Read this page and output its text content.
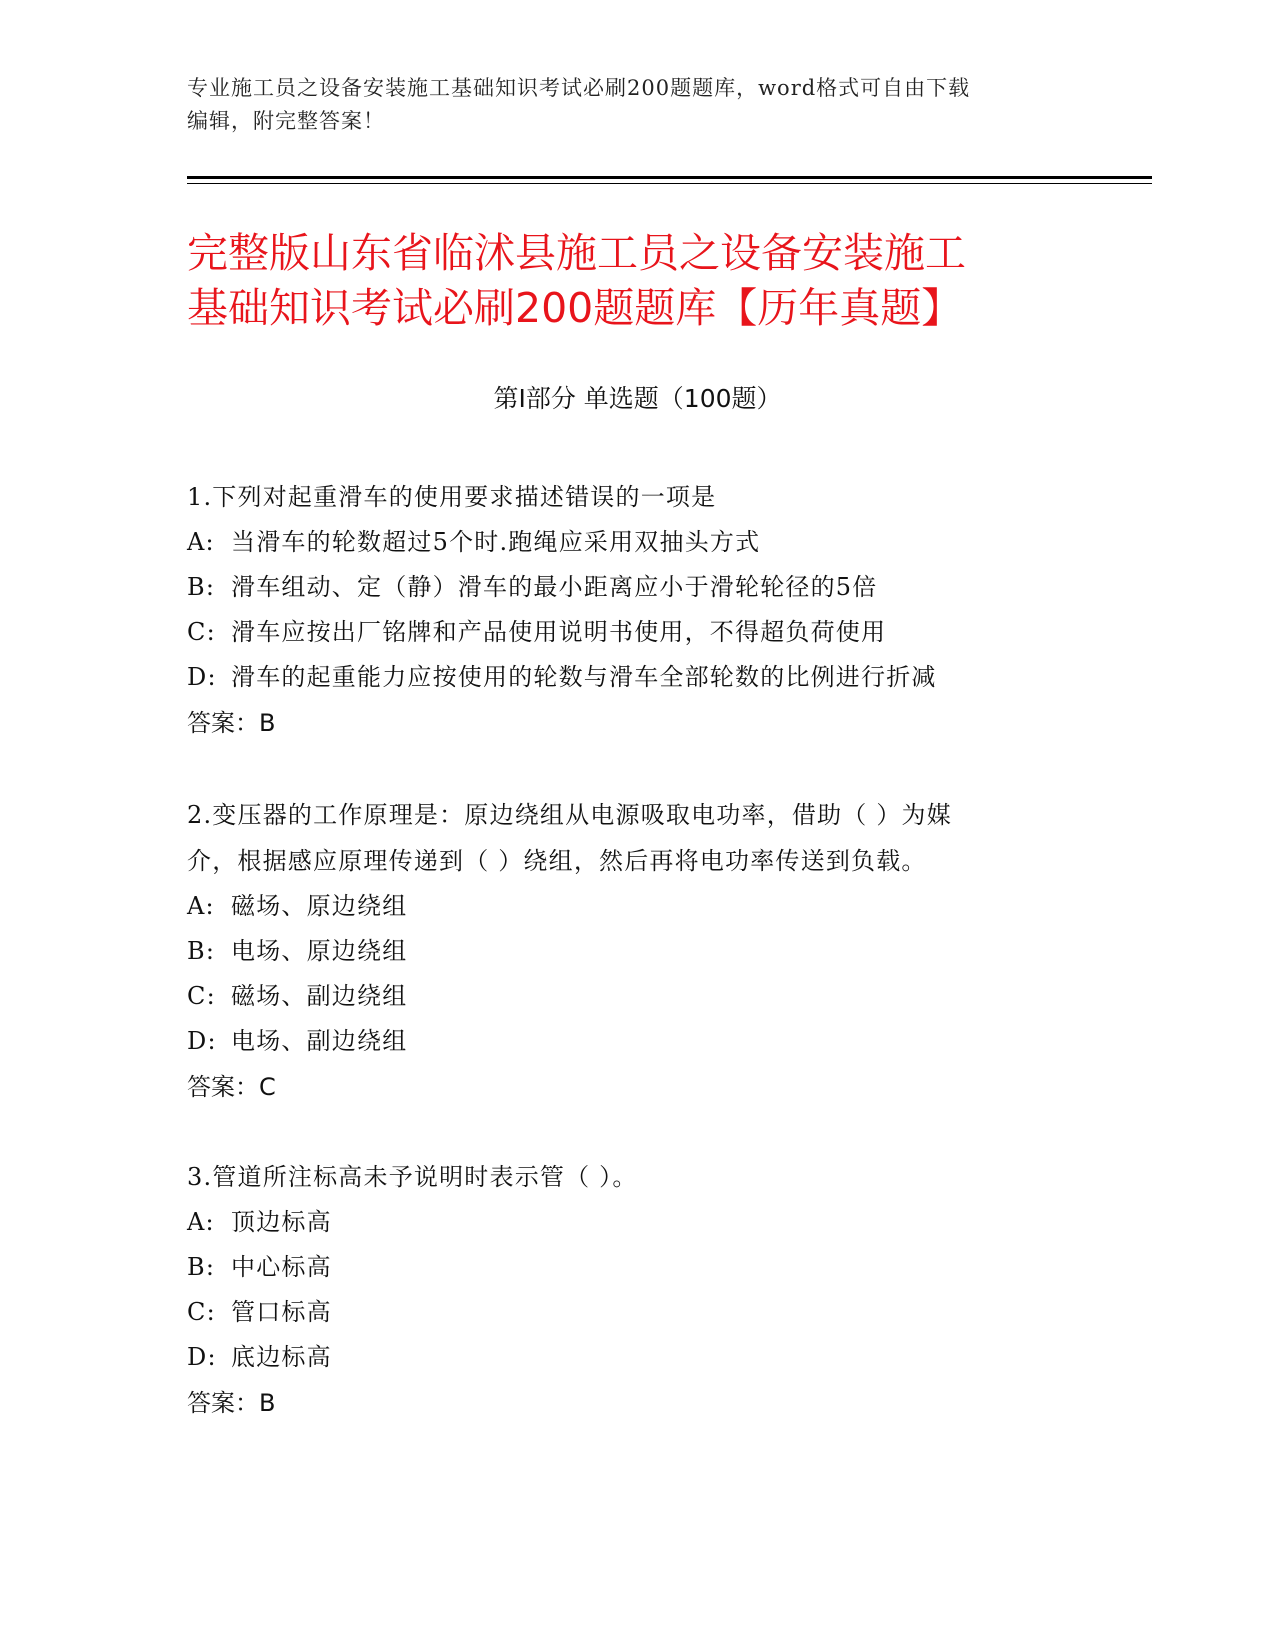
专业施工员之设备安装施工基础知识考试必刷200题题库，word格式可自由下载
编辑，附完整答案！
完整版山东省临沭县施工员之设备安装施工
基础知识考试必刷200题题库【历年真题】
第Ⅰ部分 单选题（100题）
1.下列对起重滑车的使用要求描述错误的一项是
A: 当滑车的轮数超过5个时.跑绳应采用双抽头方式
B: 滑车组动、定（静）滑车的最小距离应小于滑轮轮径的5倍
C: 滑车应按出厂铭牌和产品使用说明书使用，不得超负荷使用
D: 滑车的起重能力应按使用的轮数与滑车全部轮数的比例进行折减
答案：B
2.变压器的工作原理是：原边绕组从电源吸取电功率，借助（ ）为媒
介，根据感应原理传递到（ ）绕组，然后再将电功率传送到负载。
A: 磁场、原边绕组
B: 电场、原边绕组
C: 磁场、副边绕组
D: 电场、副边绕组
答案：C
3.管道所注标高未予说明时表示管（ ）。
A: 顶边标高
B: 中心标高
C: 管口标高
D: 底边标高
答案：B
